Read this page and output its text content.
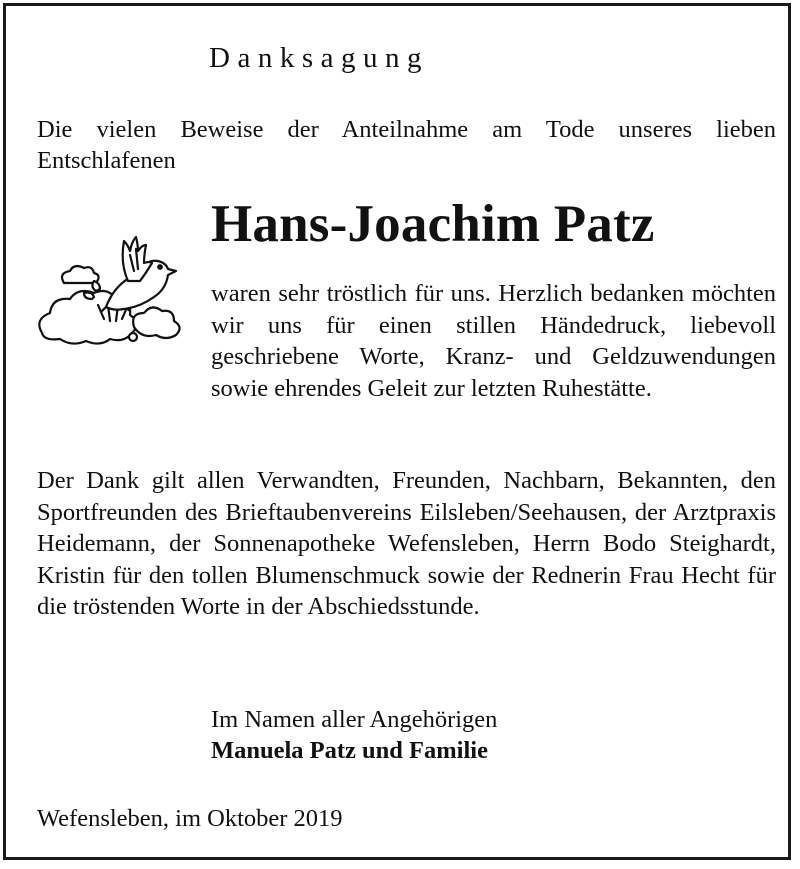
Danksagung
Die vielen Beweise der Anteilnahme am Tode unseres lieben Entschlafenen
Hans-Joachim Patz
waren sehr tröstlich für uns. Herzlich bedanken möchten wir uns für einen stillen Händedruck, liebevoll geschriebene Worte, Kranz- und Geldzuwendungen sowie ehrendes Geleit zur letzten Ruhestätte.
Der Dank gilt allen Verwandten, Freunden, Nachbarn, Bekannten, den Sportfreunden des Brieftaubenvereins Eilsleben/Seehausen, der Arztpraxis Heidemann, der Sonnenapotheke Wefensleben, Herrn Bodo Steighardt, Kristin für den tollen Blumenschmuck sowie der Rednerin Frau Hecht für die tröstenden Worte in der Abschiedsstunde.
Im Namen aller Angehörigen
Manuela Patz und Familie
Wefensleben, im Oktober 2019
